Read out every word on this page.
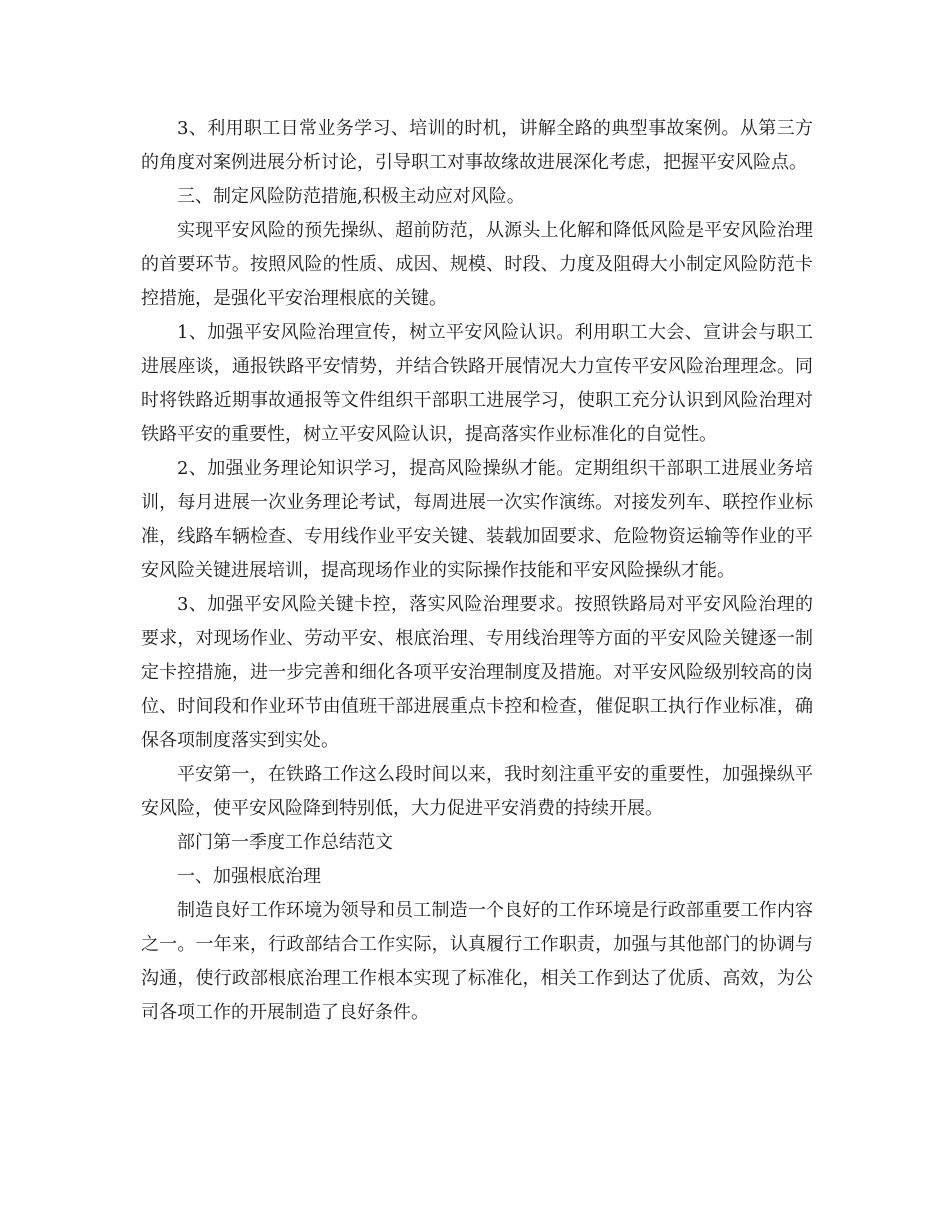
3、利用职工日常业务学习、培训的时机，讲解全路的典型事故案例。从第三方的角度对案例进展分析讨论，引导职工对事故缘故进展深化考虑，把握平安风险点。

三、制定风险防范措施,积极主动应对风险。

实现平安风险的预先操纵、超前防范，从源头上化解和降低风险是平安风险治理的首要环节。按照风险的性质、成因、规模、时段、力度及阻碍大小制定风险防范卡控措施，是强化平安治理根底的关键。

1、加强平安风险治理宣传，树立平安风险认识。利用职工大会、宣讲会与职工进展座谈，通报铁路平安情势，并结合铁路开展情况大力宣传平安风险治理理念。同时将铁路近期事故通报等文件组织干部职工进展学习，使职工充分认识到风险治理对铁路平安的重要性，树立平安风险认识，提高落实作业标准化的自觉性。

2、加强业务理论知识学习，提高风险操纵才能。定期组织干部职工进展业务培训，每月进展一次业务理论考试，每周进展一次实作演练。对接发列车、联控作业标准，线路车辆检查、专用线作业平安关键、装载加固要求、危险物资运输等作业的平安风险关键进展培训，提高现场作业的实际操作技能和平安风险操纵才能。

3、加强平安风险关键卡控，落实风险治理要求。按照铁路局对平安风险治理的要求，对现场作业、劳动平安、根底治理、专用线治理等方面的平安风险关键逐一制定卡控措施，进一步完善和细化各项平安治理制度及措施。对平安风险级别较高的岗位、时间段和作业环节由值班干部进展重点卡控和检查，催促职工执行作业标准，确保各项制度落实到实处。

平安第一，在铁路工作这么段时间以来，我时刻注重平安的重要性，加强操纵平安风险，使平安风险降到特别低，大力促进平安消费的持续开展。

部门第一季度工作总结范文

一、加强根底治理

制造良好工作环境为领导和员工制造一个良好的工作环境是行政部重要工作内容之一。一年来，行政部结合工作实际，认真履行工作职责，加强与其他部门的协调与沟通，使行政部根底治理工作根本实现了标准化，相关工作到达了优质、高效，为公司各项工作的开展制造了良好条件。
